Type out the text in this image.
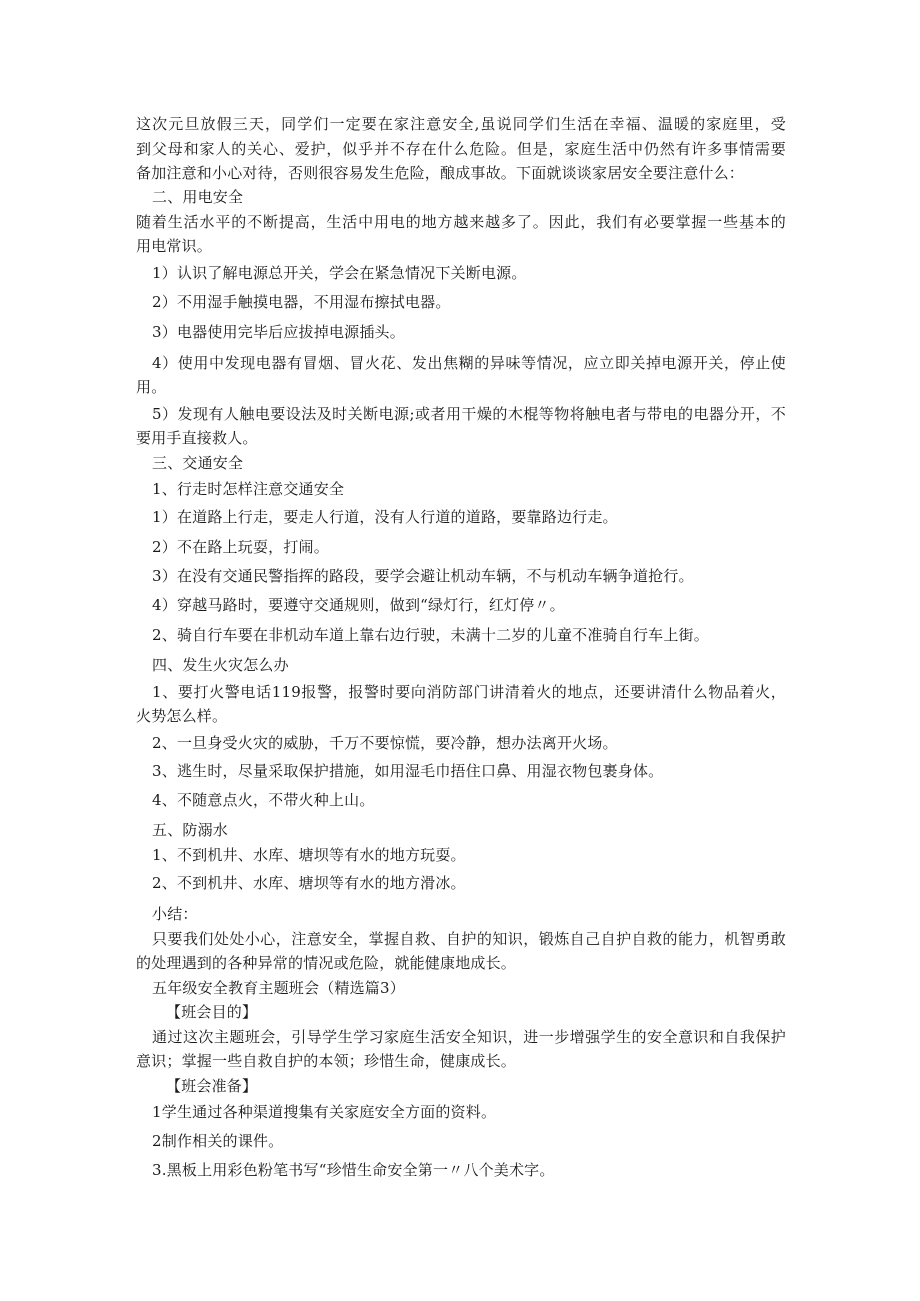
这次元旦放假三天，同学们一定要在家注意安全,虽说同学们生活在幸福、温暖的家庭里，受
到父母和家人的关心、爱护，似乎并不存在什么危险。但是，家庭生活中仍然有许多事情需要
备加注意和小心对待，否则很容易发生危险，酿成事故。下面就谈谈家居安全要注意什么：
二、用电安全
随着生活水平的不断提高，生活中用电的地方越来越多了。因此，我们有必要掌握一些基本的
用电常识。
1）认识了解电源总开关，学会在紧急情况下关断电源。
2）不用湿手触摸电器，不用湿布擦拭电器。
3）电器使用完毕后应拔掉电源插头。
4）使用中发现电器有冒烟、冒火花、发出焦糊的异味等情况，应立即关掉电源开关，停止使
用。
5）发现有人触电要设法及时关断电源;或者用干燥的木棍等物将触电者与带电的电器分开，不
要用手直接救人。
三、交通安全
1、行走时怎样注意交通安全
1）在道路上行走，要走人行道，没有人行道的道路，要靠路边行走。
2）不在路上玩耍，打闹。
3）在没有交通民警指挥的路段，要学会避让机动车辆，不与机动车辆争道抢行。
4）穿越马路时，要遵守交通规则，做到“绿灯行，红灯停〃。
2、骑自行车要在非机动车道上靠右边行驶，未满十二岁的儿童不准骑自行车上街。
四、发生火灾怎么办
1、要打火警电话119报警，报警时要向消防部门讲清着火的地点，还要讲清什么物品着火，
火势怎么样。
2、一旦身受火灾的威胁，千万不要惊慌，要冷静，想办法离开火场。
3、逃生时，尽量采取保护措施，如用湿毛巾捂住口鼻、用湿衣物包裹身体。
4、不随意点火，不带火种上山。
五、防溺水
1、不到机井、水库、塘坝等有水的地方玩耍。
2、不到机井、水库、塘坝等有水的地方滑冰。
小结：
只要我们处处小心，注意安全，掌握自救、自护的知识，锻炼自己自护自救的能力，机智勇敢
的处理遇到的各种异常的情况或危险，就能健康地成长。
五年级安全教育主题班会（精选篇3）
【班会目的】
通过这次主题班会，引导学生学习家庭生活安全知识，进一步增强学生的安全意识和自我保护
意识；掌握一些自救自护的本领；珍惜生命，健康成长。
【班会准备】
1学生通过各种渠道搜集有关家庭安全方面的资料。
2制作相关的课件。
3.黑板上用彩色粉笔书写“珍惜生命安全第一〃八个美术字。
